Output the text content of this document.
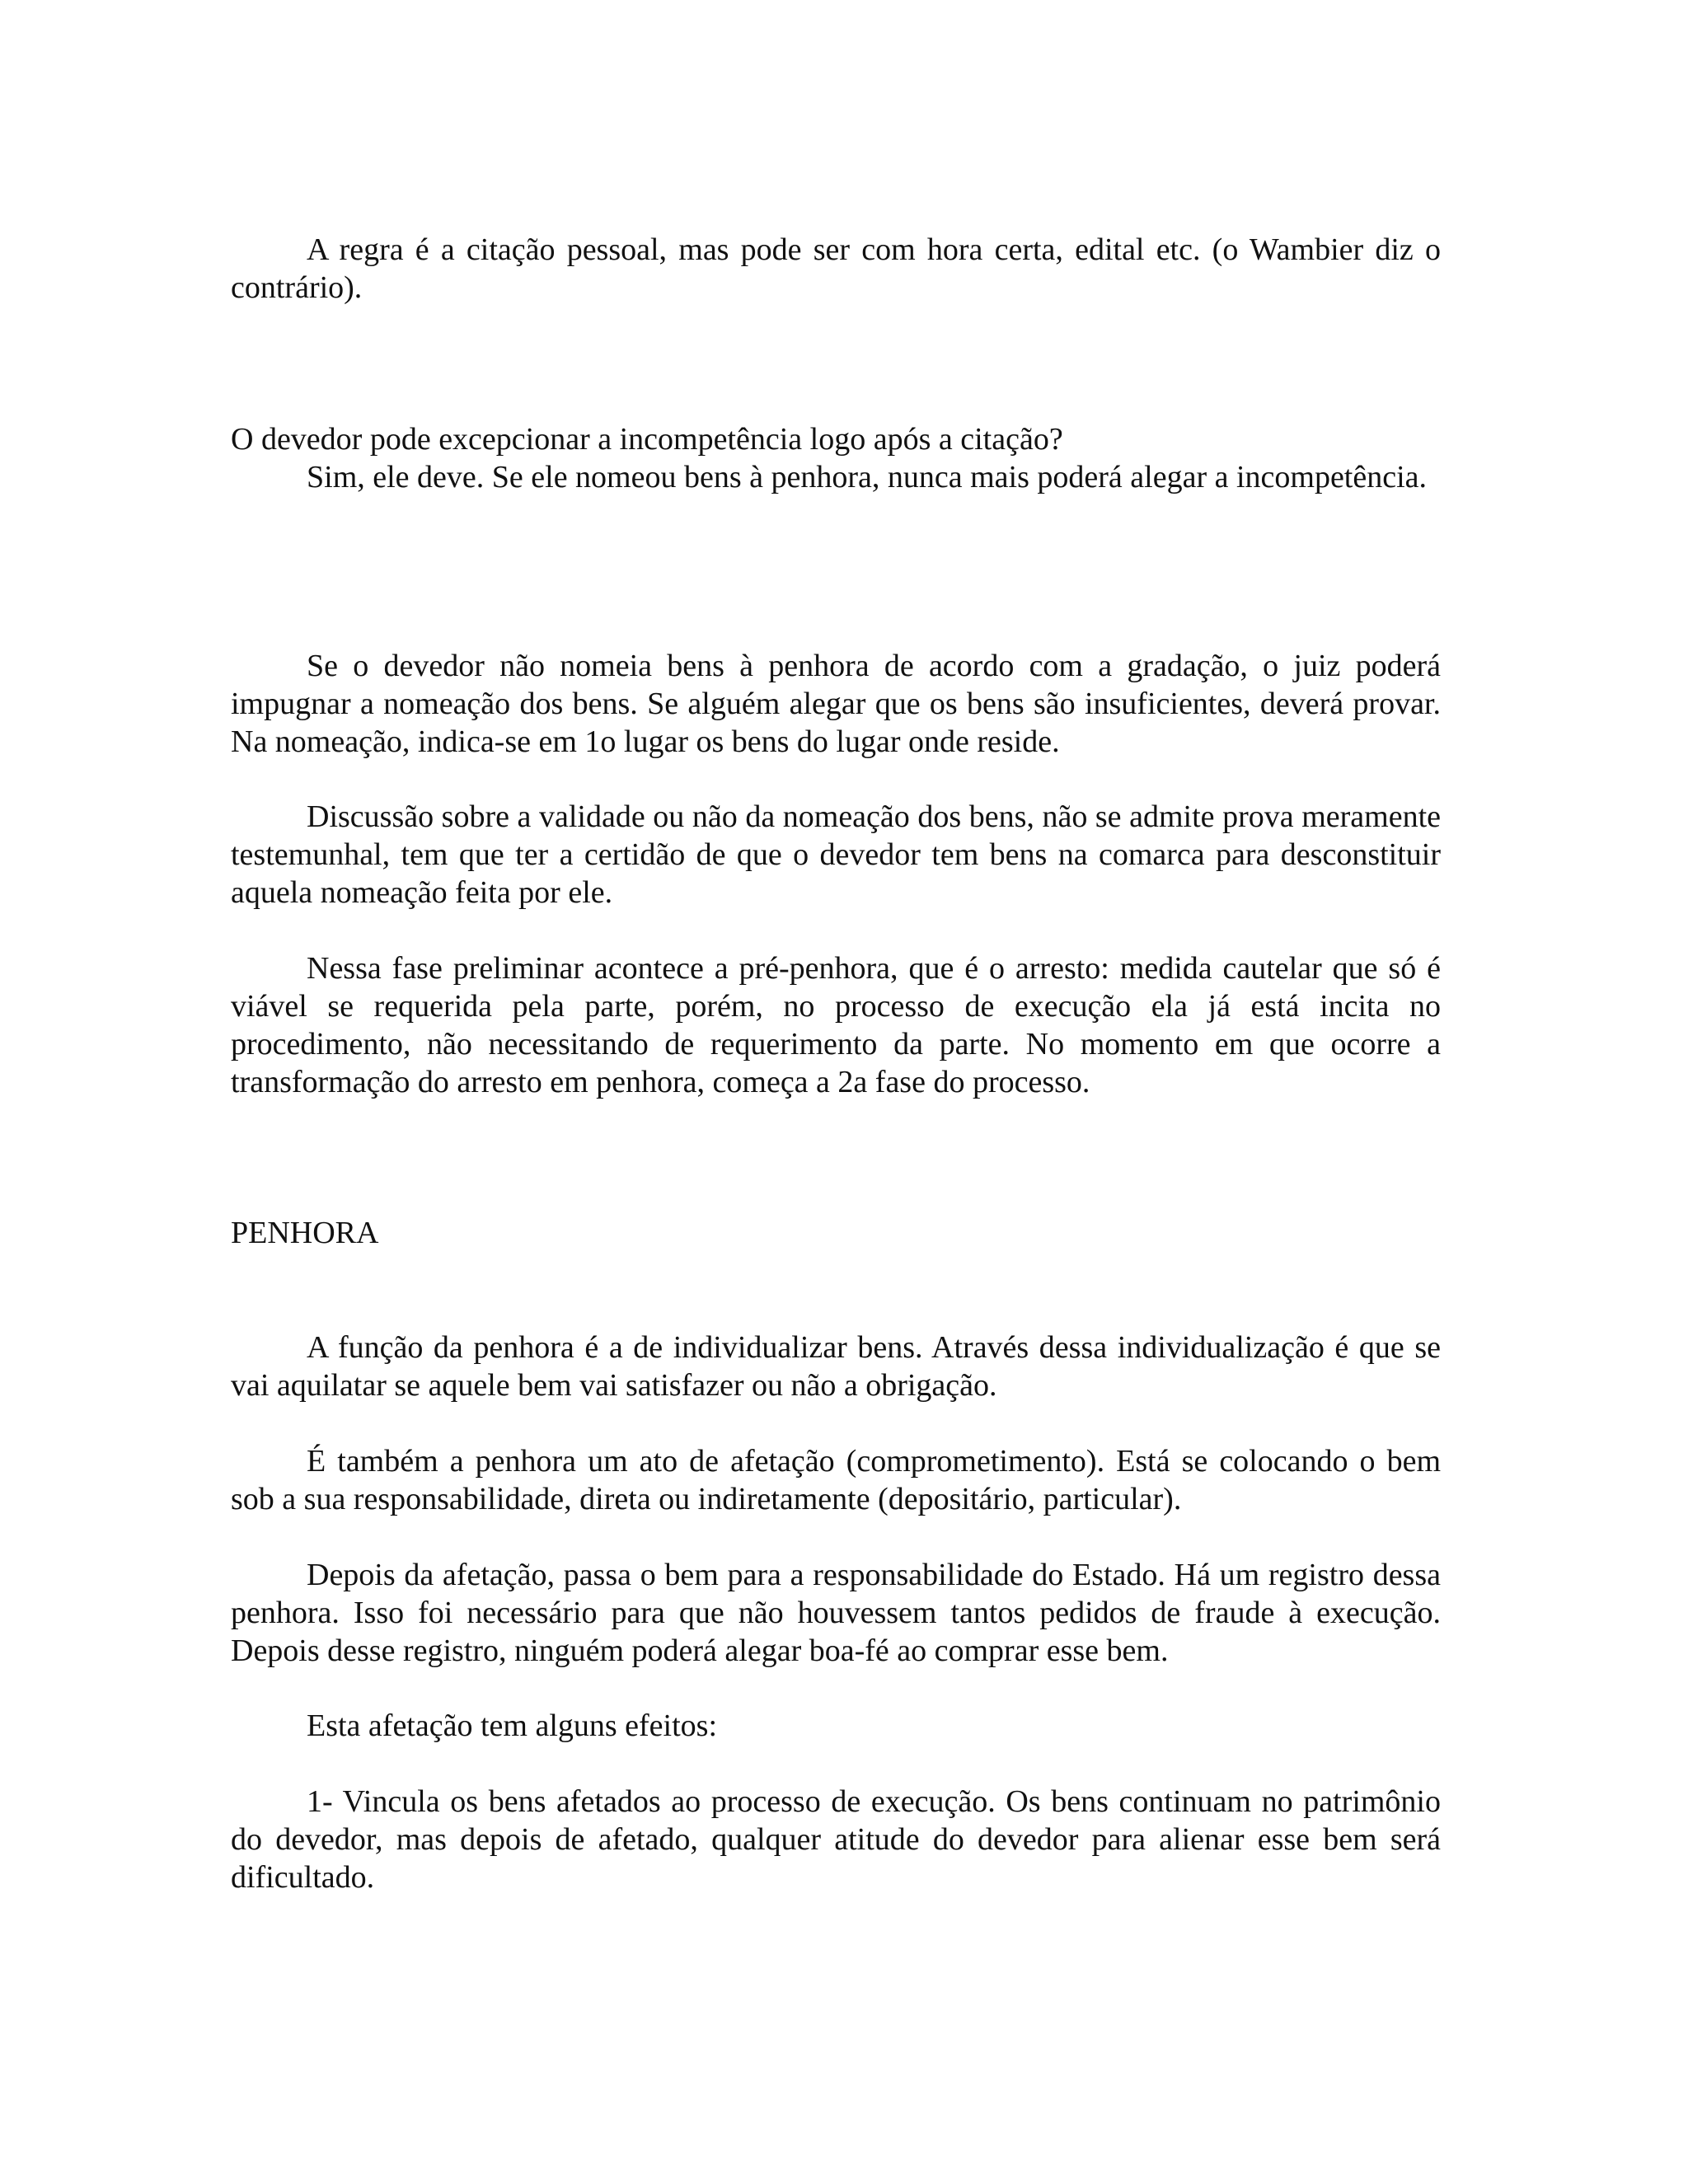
A regra é a citação pessoal, mas pode ser com hora certa, edital etc. (o Wambier diz o contrário).

O devedor pode excepcionar a incompetência logo após a citação?
Sim, ele deve. Se ele nomeou bens à penhora, nunca mais poderá alegar a incompetência.

Se o devedor não nomeia bens à penhora de acordo com a gradação, o juiz poderá impugnar a nomeação dos bens. Se alguém alegar que os bens são insuficientes, deverá provar. Na nomeação, indica-se em 1o lugar os bens do lugar onde reside.

Discussão sobre a validade ou não da nomeação dos bens, não se admite prova meramente testemunhal, tem que ter a certidão de que o devedor tem bens na comarca para desconstituir aquela nomeação feita por ele.

Nessa fase preliminar acontece a pré-penhora, que é o arresto: medida cautelar que só é viável se requerida pela parte, porém, no processo de execução ela já está incita no procedimento, não necessitando de requerimento da parte. No momento em que ocorre a transformação do arresto em penhora, começa a 2a fase do processo.

PENHORA

A função da penhora é a de individualizar bens. Através dessa individualização é que se vai aquilatar se aquele bem vai satisfazer ou não a obrigação.

É também a penhora um ato de afetação (comprometimento). Está se colocando o bem sob a sua responsabilidade, direta ou indiretamente (depositário, particular).

Depois da afetação, passa o bem para a responsabilidade do Estado. Há um registro dessa penhora. Isso foi necessário para que não houvessem tantos pedidos de fraude à execução. Depois desse registro, ninguém poderá alegar boa-fé ao comprar esse bem.

Esta afetação tem alguns efeitos:

1- Vincula os bens afetados ao processo de execução. Os bens continuam no patrimônio do devedor, mas depois de afetado, qualquer atitude do devedor para alienar esse bem será dificultado.
